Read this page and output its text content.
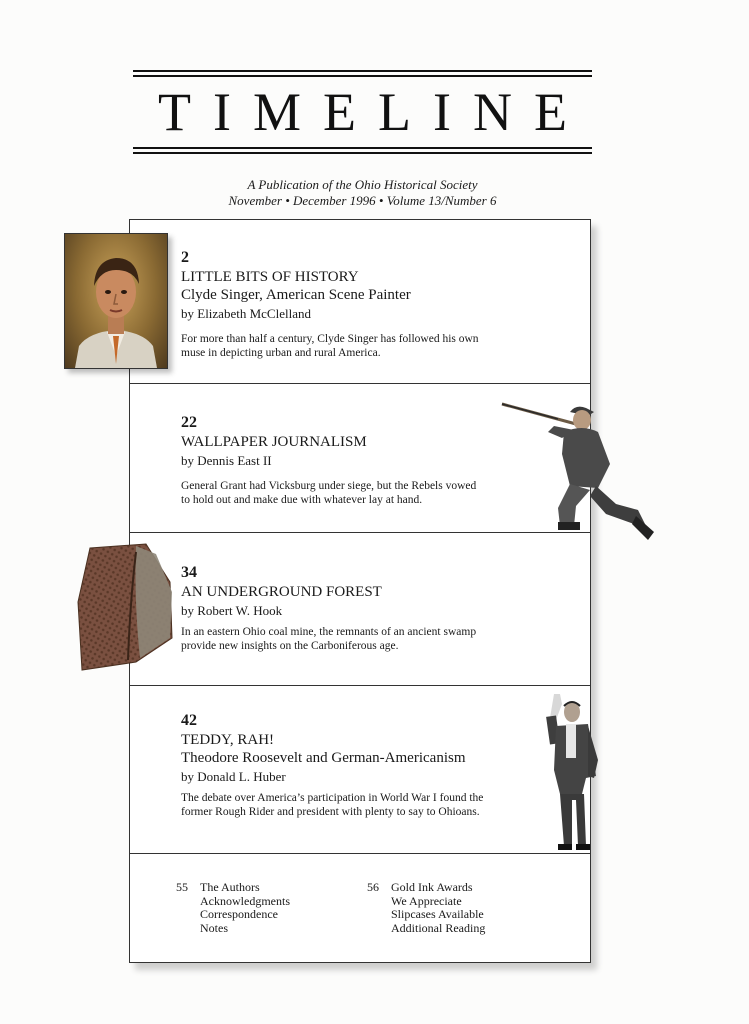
TIMELINE
A Publication of the Ohio Historical Society
November • December 1996 • Volume 13/Number 6
2
LITTLE BITS OF HISTORY
Clyde Singer, American Scene Painter
by Elizabeth McClelland
For more than half a century, Clyde Singer has followed his own
muse in depicting urban and rural America.
22
WALLPAPER JOURNALISM
by Dennis East II
General Grant had Vicksburg under siege, but the Rebels vowed
to hold out and make due with whatever lay at hand.
34
AN UNDERGROUND FOREST
by Robert W. Hook
In an eastern Ohio coal mine, the remnants of an ancient swamp
provide new insights on the Carboniferous age.
42
TEDDY, RAH!
Theodore Roosevelt and German-Americanism
by Donald L. Huber
The debate over America’s participation in World War I found the
former Rough Rider and president with plenty to say to Ohioans.
55	The Authors
Acknowledgments
Correspondence
Notes
56	Gold Ink Awards
We Appreciate
Slipcases Available
Additional Reading
